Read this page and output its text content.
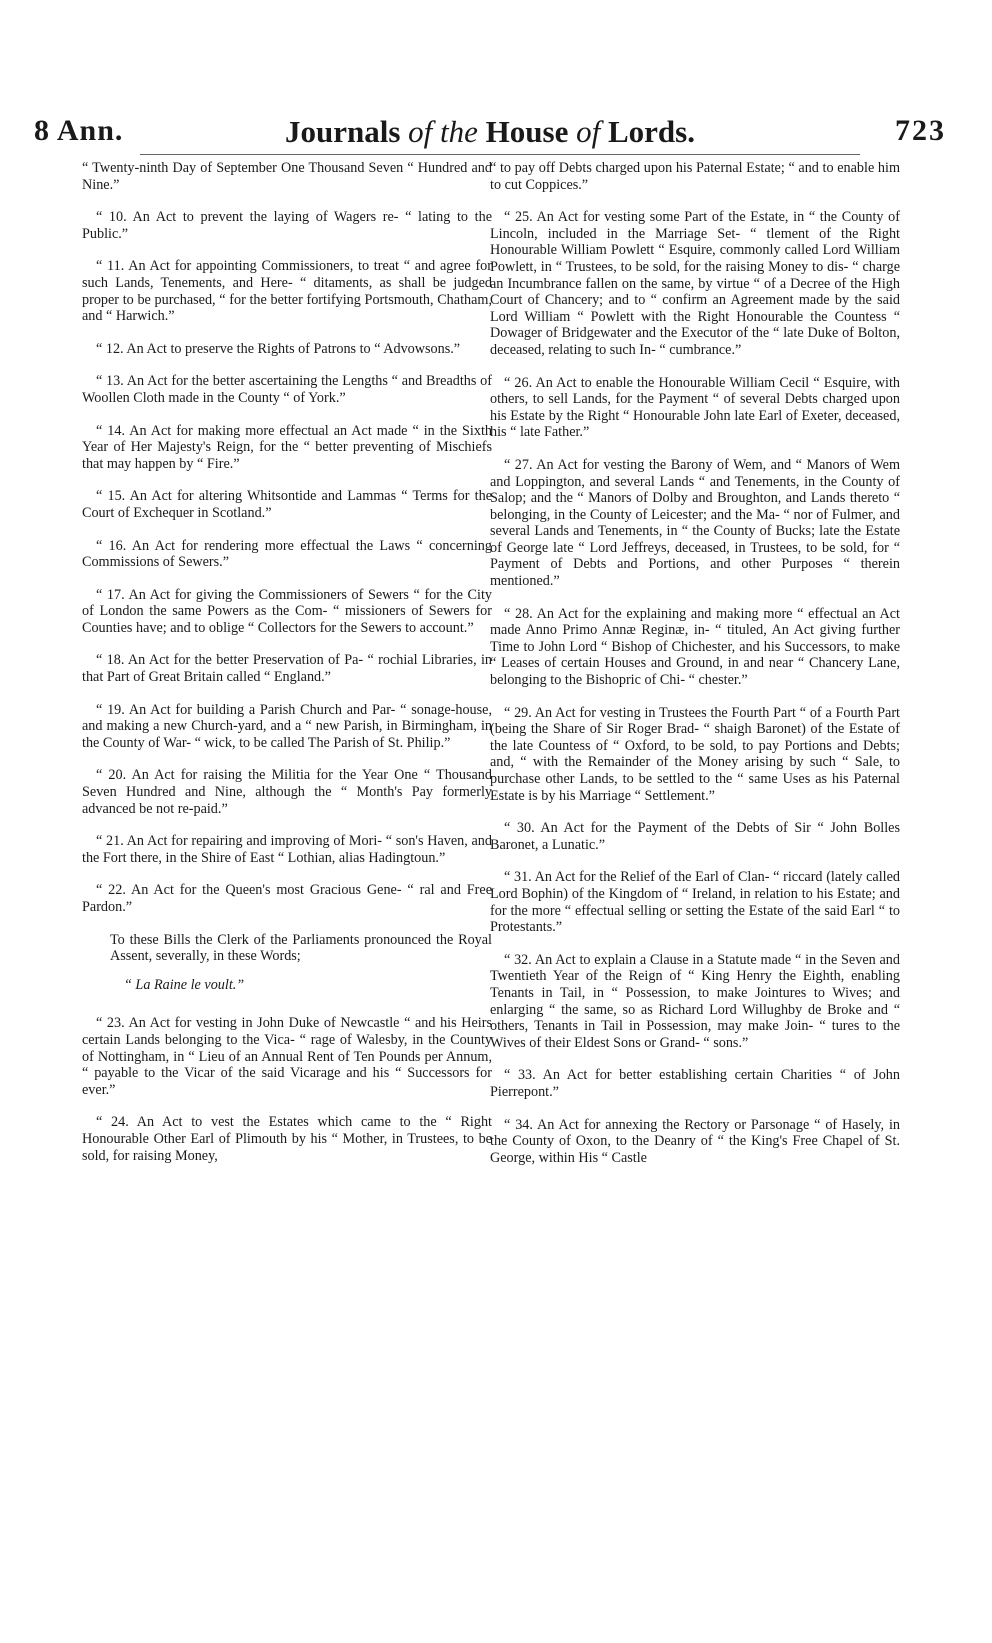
8 Ann.	Journals of the House of Lords.	723

“ Twenty-ninth Day of September One Thousand Seven “ Hundred and Nine.”

“ 10. An Act to prevent the laying of Wagers re- “ lating to the Public.”

“ 11. An Act for appointing Commissioners, to treat “ and agree for such Lands, Tenements, and Here- “ ditaments, as shall be judged proper to be purchased, “ for the better fortifying Portsmouth, Chatham, and “ Harwich.”

“ 12. An Act to preserve the Rights of Patrons to “ Advowsons.”

“ 13. An Act for the better ascertaining the Lengths “ and Breadths of Woollen Cloth made in the County “ of York.”

“ 14. An Act for making more effectual an Act made “ in the Sixth Year of Her Majesty's Reign, for the “ better preventing of Mischiefs that may happen by “ Fire.”

“ 15. An Act for altering Whitsontide and Lammas “ Terms for the Court of Exchequer in Scotland.”

“ 16. An Act for rendering more effectual the Laws “ concerning Commissions of Sewers.”

“ 17. An Act for giving the Commissioners of Sewers “ for the City of London the same Powers as the Com- “ missioners of Sewers for Counties have; and to oblige “ Collectors for the Sewers to account.”

“ 18. An Act for the better Preservation of Pa- “ rochial Libraries, in that Part of Great Britain called “ England.”

“ 19. An Act for building a Parish Church and Par- “ sonage-house, and making a new Church-yard, and a “ new Parish, in Birmingham, in the County of War- “ wick, to be called The Parish of St. Philip.”

“ 20. An Act for raising the Militia for the Year One “ Thousand Seven Hundred and Nine, although the “ Month's Pay formerly advanced be not re-paid.”

“ 21. An Act for repairing and improving of Mori- “ son's Haven, and the Fort there, in the Shire of East “ Lothian, alias Hadingtoun.”

“ 22. An Act for the Queen's most Gracious Gene- “ ral and Free Pardon.”

To these Bills the Clerk of the Parliaments pronounced the Royal Assent, severally, in these Words;

“ La Raine le voult.”

“ 23. An Act for vesting in John Duke of Newcastle “ and his Heirs certain Lands belonging to the Vica- “ rage of Walesby, in the County of Nottingham, in “ Lieu of an Annual Rent of Ten Pounds per Annum, “ payable to the Vicar of the said Vicarage and his “ Successors for ever.”

“ 24. An Act to vest the Estates which came to the “ Right Honourable Other Earl of Plimouth by his “ Mother, in Trustees, to be sold, for raising Money,

“ to pay off Debts charged upon his Paternal Estate; “ and to enable him to cut Coppices.”

“ 25. An Act for vesting some Part of the Estate, in “ the County of Lincoln, included in the Marriage Set- “ tlement of the Right Honourable William Powlett “ Esquire, commonly called Lord William Powlett, in “ Trustees, to be sold, for the raising Money to dis- “ charge an Incumbrance fallen on the same, by virtue “ of a Decree of the High Court of Chancery; and to “ confirm an Agreement made by the said Lord William “ Powlett with the Right Honourable the Countess “ Dowager of Bridgewater and the Executor of the “ late Duke of Bolton, deceased, relating to such In- “ cumbrance.”

“ 26. An Act to enable the Honourable William Cecil “ Esquire, with others, to sell Lands, for the Payment “ of several Debts charged upon his Estate by the Right “ Honourable John late Earl of Exeter, deceased, his “ late Father.”

“ 27. An Act for vesting the Barony of Wem, and “ Manors of Wem and Loppington, and several Lands “ and Tenements, in the County of Salop; and the “ Manors of Dolby and Broughton, and Lands thereto “ belonging, in the County of Leicester; and the Ma- “ nor of Fulmer, and several Lands and Tenements, in “ the County of Bucks; late the Estate of George late “ Lord Jeffreys, deceased, in Trustees, to be sold, for “ Payment of Debts and Portions, and other Purposes “ therein mentioned.”

“ 28. An Act for the explaining and making more “ effectual an Act made Anno Primo Annæ Reginæ, in- “ tituled, An Act giving further Time to John Lord “ Bishop of Chichester, and his Successors, to make “ Leases of certain Houses and Ground, in and near “ Chancery Lane, belonging to the Bishopric of Chi- “ chester.”

“ 29. An Act for vesting in Trustees the Fourth Part “ of a Fourth Part (being the Share of Sir Roger Brad- “ shaigh Baronet) of the Estate of the late Countess of “ Oxford, to be sold, to pay Portions and Debts; and, “ with the Remainder of the Money arising by such “ Sale, to purchase other Lands, to be settled to the “ same Uses as his Paternal Estate is by his Marriage “ Settlement.”

“ 30. An Act for the Payment of the Debts of Sir “ John Bolles Baronet, a Lunatic.”

“ 31. An Act for the Relief of the Earl of Clan- “ riccard (lately called Lord Bophin) of the Kingdom of “ Ireland, in relation to his Estate; and for the more “ effectual selling or setting the Estate of the said Earl “ to Protestants.”

“ 32. An Act to explain a Clause in a Statute made “ in the Seven and Twentieth Year of the Reign of “ King Henry the Eighth, enabling Tenants in Tail, in “ Possession, to make Jointures to Wives; and enlarging “ the same, so as Richard Lord Willughby de Broke and “ others, Tenants in Tail in Possession, may make Join- “ tures to the Wives of their Eldest Sons or Grand- “ sons.”

“ 33. An Act for better establishing certain Charities “ of John Pierrepont.”

“ 34. An Act for annexing the Rectory or Parsonage “ of Hasely, in the County of Oxon, to the Deanry of “ the King's Free Chapel of St. George, within His “ Castle
